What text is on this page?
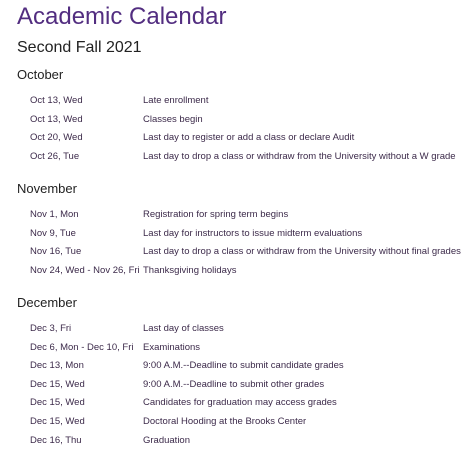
Academic Calendar
Second Fall 2021
October
Oct 13, Wed	Late enrollment
Oct 13, Wed	Classes begin
Oct 20, Wed	Last day to register or add a class or declare Audit
Oct 26, Tue	Last day to drop a class or withdraw from the University without a W grade
November
Nov 1, Mon	Registration for spring term begins
Nov 9, Tue	Last day for instructors to issue midterm evaluations
Nov 16, Tue	Last day to drop a class or withdraw from the University without final grades
Nov 24, Wed - Nov 26, Fri Thanksgiving holidays
December
Dec 3, Fri	Last day of classes
Dec 6, Mon - Dec 10, Fri	Examinations
Dec 13, Mon	9:00 A.M.--Deadline to submit candidate grades
Dec 15, Wed	9:00 A.M.--Deadline to submit other grades
Dec 15, Wed	Candidates for graduation may access grades
Dec 15, Wed	Doctoral Hooding at the Brooks Center
Dec 16, Thu	Graduation
